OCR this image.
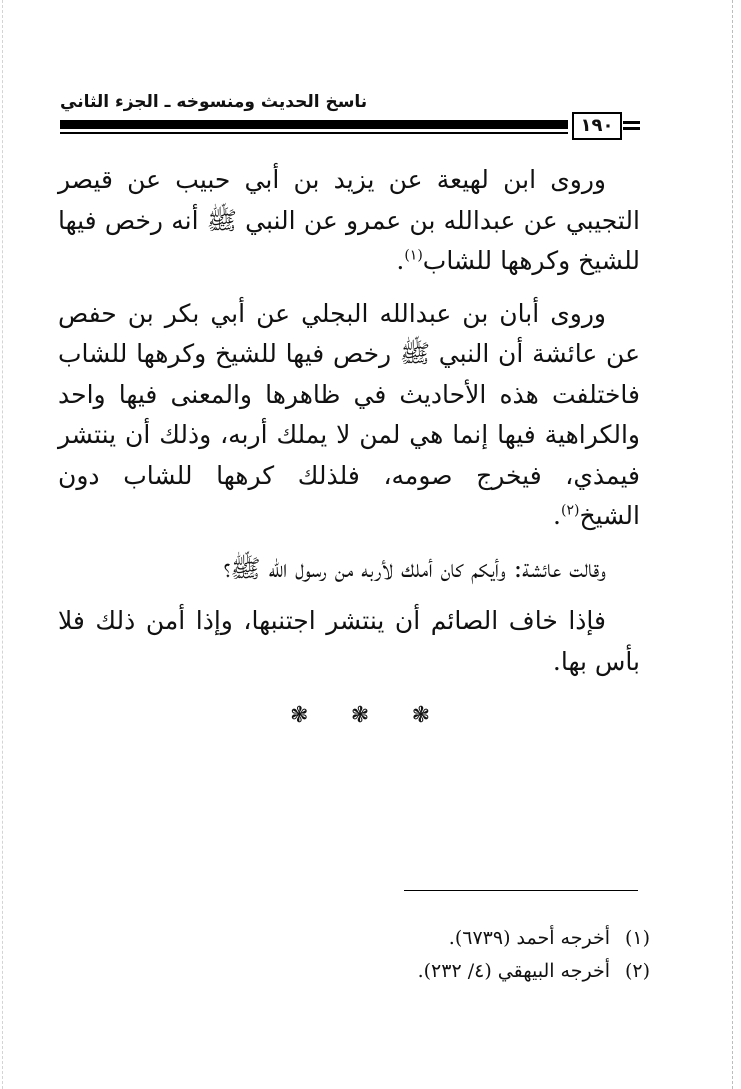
ناسخ الحديث ومنسوخه ـ الجزء الثاني
١٩٠

وروى ابن لهيعة عن يزيد بن أبي حبيب عن قيصر التجيبي عن عبدالله بن عمرو عن النبي ﷺ أنه رخص فيها للشيخ وكرهها للشاب$^{(١)}$.

وروى أبان بن عبدالله البجلي عن أبي بكر بن حفص عن عائشة أن النبي ﷺ رخص فيها للشيخ وكرهها للشاب فاختلفت هذه الأحاديث في ظاهرها والمعنى فيها واحد والكراهية فيها إنما هي لمن لا يملك أربه، وذلك أن ينتشر فيمذي، فيخرج صومه، فلذلك كرهها للشاب دون الشيخ$^{(٢)}$.

وقالت عائشة: وأيكم كان أملك لأربه من رسول الله ﷺ؟

فإذا خاف الصائم أن ينتشر اجتنبها، وإذا أمن ذلك فلا بأس بها.

❃ ❃ ❃
(١)أخرجه أحمد (٦٧٣٩).
(٢)أخرجه البيهقي (٤/ ٢٣٢).
